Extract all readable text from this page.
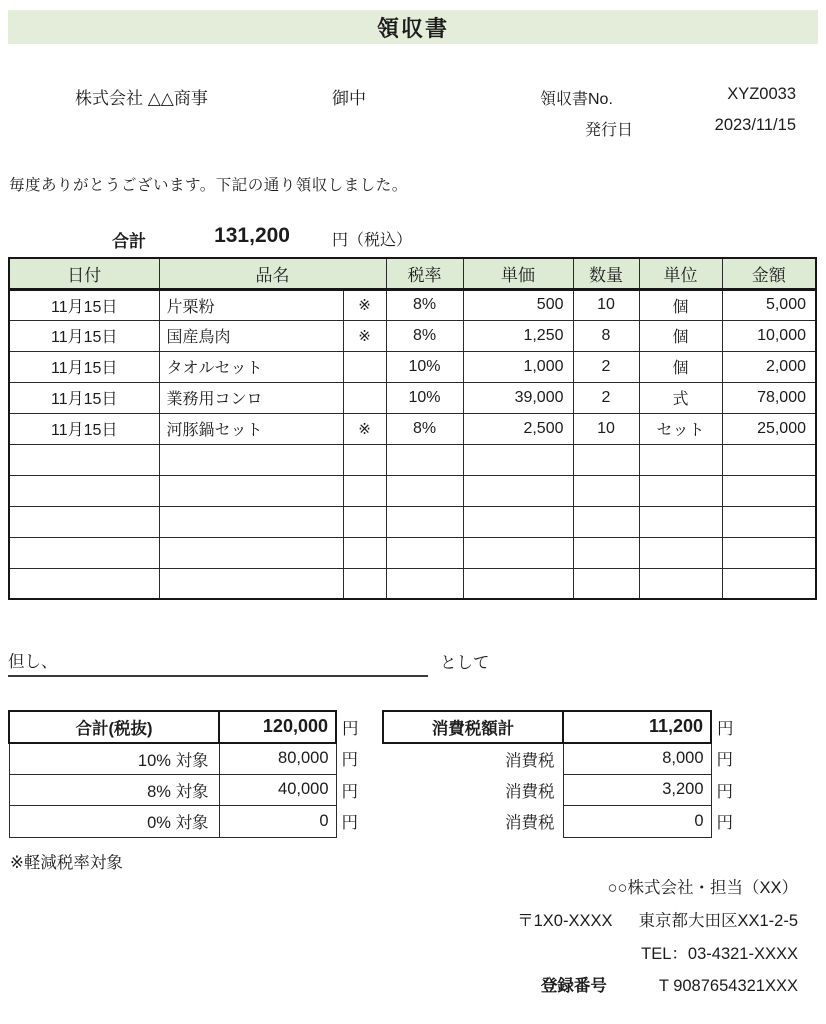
領収書
株式会社 △△商事	御中	領収書No.	XYZ0033
発行日	2023/11/15
毎度ありがとうございます。下記の通り領収しました。
合計	131,200	円（税込）
日付	品名		税率	単価	数量	単位	金額
11月15日	片栗粉	※	8%	500	10	個	5,000
11月15日	国産鳥肉	※	8%	1,250	8	個	10,000
11月15日	タオルセット		10%	1,000	2	個	2,000
11月15日	業務用コンロ		10%	39,000	2	式	78,000
11月15日	河豚鍋セット	※	8%	2,500	10	セット	25,000

但し、	として
合計(税抜)	120,000	円
10% 対象	80,000	円
8% 対象	40,000	円
0% 対象	0	円
消費税額計	11,200	円
消費税	8,000	円
消費税	3,200	円
消費税	0	円
※軽減税率対象
○○株式会社・担当（XX）
〒1X0-XXXX 東京都大田区XX1-2-5
TEL：03-4321-XXXX
登録番号	T 9087654321XXX
